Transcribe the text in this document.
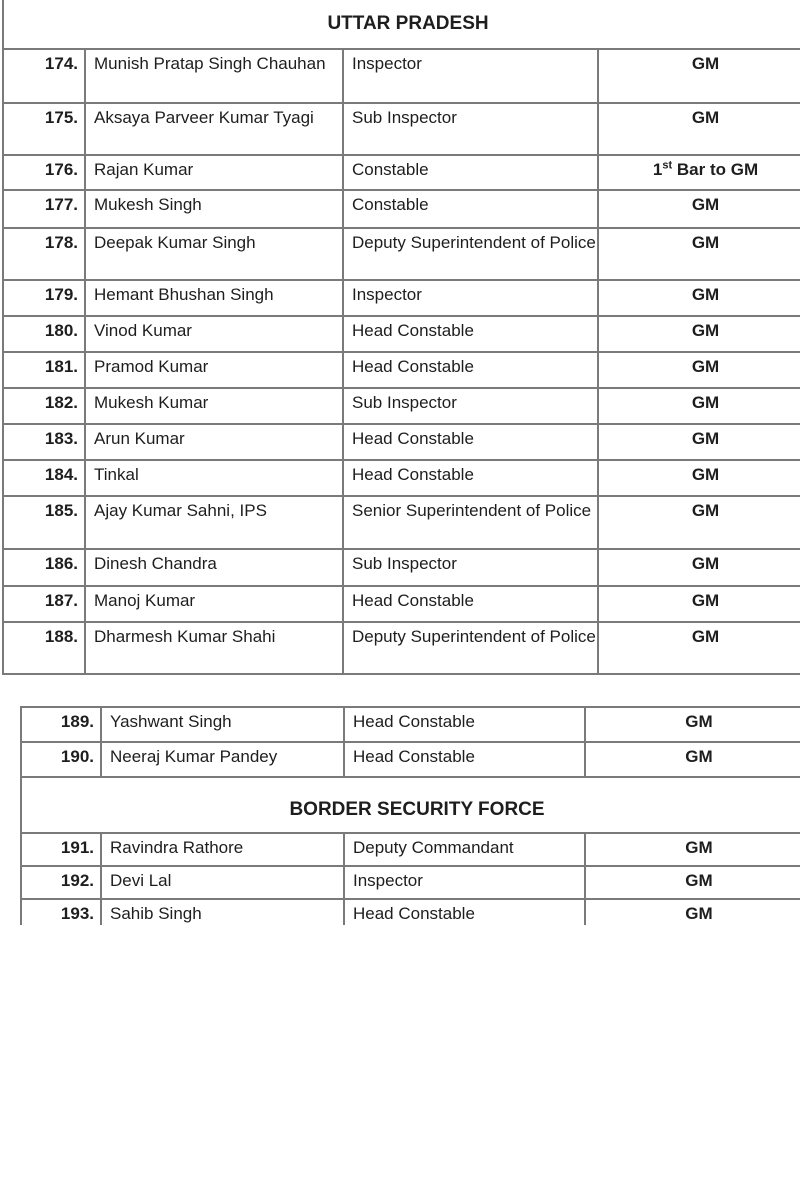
UTTAR PRADESH			
174.	Munish Pratap Singh Chauhan	Inspector	GM
175.	Aksaya Parveer Kumar Tyagi	Sub Inspector	GM
176.	Rajan Kumar	Constable	1st Bar to GM
177.	Mukesh Singh	Constable	GM
178.	Deepak Kumar Singh	Deputy Superintendent of Police	GM
179.	Hemant Bhushan Singh	Inspector	GM
180.	Vinod Kumar	Head Constable	GM
181.	Pramod Kumar	Head Constable	GM
182.	Mukesh Kumar	Sub Inspector	GM
183.	Arun Kumar	Head Constable	GM
184.	Tinkal	Head Constable	GM
185.	Ajay Kumar Sahni, IPS	Senior Superintendent of Police	GM
186.	Dinesh Chandra	Sub Inspector	GM
187.	Manoj Kumar	Head Constable	GM
188.	Dharmesh Kumar Shahi	Deputy Superintendent of Police	GM
189.	Yashwant Singh	Head Constable	GM
190.	Neeraj Kumar Pandey	Head Constable	GM
BORDER SECURITY FORCE			
191.	Ravindra Rathore	Deputy Commandant	GM
192.	Devi Lal	Inspector	GM
193.	Sahib Singh	Head Constable	GM
